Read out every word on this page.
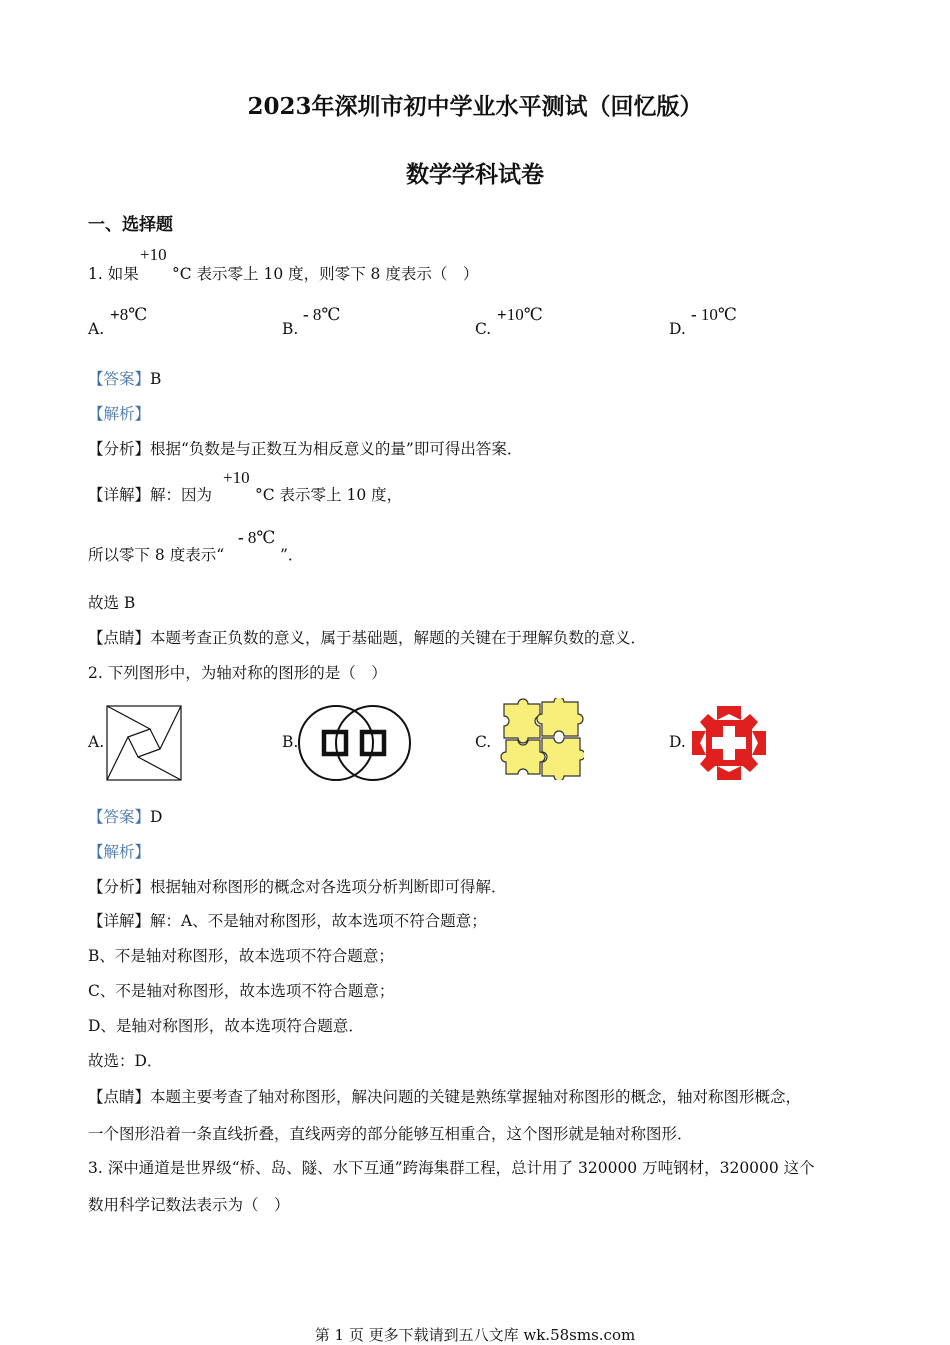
2023年深圳市初中学业水平测试（回忆版）
数学学科试卷
一、选择题
1. 如果
+10
°C 表示零上 10 度，则零下 8 度表示（　）
A.
+8℃
B.
- 8℃
C.
+10℃
D.
- 10℃
【答案】B
【解析】
【分析】根据“负数是与正数互为相反意义的量”即可得出答案．
【详解】解：因为
+10
°C 表示零上 10 度，
所以零下 8 度表示“
- 8℃
”．
故选 B
【点睛】本题考查正负数的意义，属于基础题，解题的关键在于理解负数的意义．
2. 下列图形中，为轴对称的图形的是（　）
A.	B.	C.	D.
【答案】D
【解析】
【分析】根据轴对称图形的概念对各选项分析判断即可得解．
【详解】解：A、不是轴对称图形，故本选项不符合题意；
B、不是轴对称图形，故本选项不符合题意；
C、不是轴对称图形，故本选项不符合题意；
D、是轴对称图形，故本选项符合题意．
故选：D．
【点睛】本题主要考查了轴对称图形，解决问题的关键是熟练掌握轴对称图形的概念，轴对称图形概念，
一个图形沿着一条直线折叠，直线两旁的部分能够互相重合，这个图形就是轴对称图形．
3. 深中通道是世界级“桥、岛、隧、水下互通”跨海集群工程，总计用了 320000 万吨钢材，320000 这个
数用科学记数法表示为（　）
第 1 页 更多下载请到五八文库 wk.58sms.com
